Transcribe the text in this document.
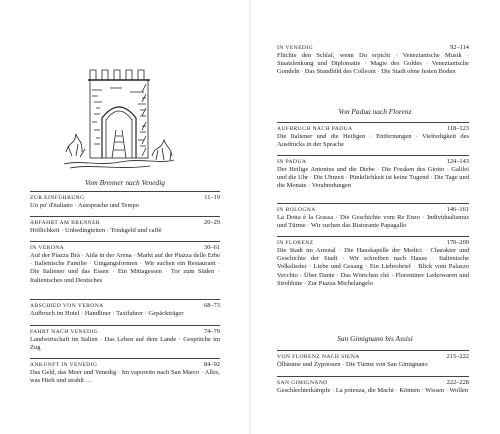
Vom Brenner nach Venedig
ZUR EINFÜHRUNG	11–19
Un po' d'italiano · Aussprache und Tempo
ABFAHRT AM BRENNER	20–29
Höflichkeit · Unbedingteiten · Trinkgeld und caffè
IN VERONA	30–61
Auf der Piazza Brà · Aida in der Arena · Markt auf der Piazza delle Erbe · Italienische Familie · Umgangsformen · Wir suchen ein Restaurant · Die Italiener und das Essen · Ein Mittagessen · Tor zum Süden · Italienisches und Deutsches
ABSCHIED VON VERONA	68–73
Aufbruch im Hotel · Handliner · Taxifahrer · Gepäckträger
FAHRT NACH VENEDIG	74–79
Landwirtschaft im Italien · Das Leben auf dem Lande · Gespräche im Zug
ANKUNFT IN VENEDIG	84–92
Das Geld, das Meer und Venedig · Im vaporetto nach San Marco · Alles, was Hielt und strahlt …
IN VENEDIG	92–114
Flüchte den Schlaf, wenn Du erpicht · Venezianische Musik · Staatslenkung und Diplomatie · Magie des Goldes · Venezianische Gondeln · Das Standbild des Colleoni · Die Stadt ohne festen Boden
Von Padua nach Florenz
AUFBRUCH NACH PADUA	118–123
Die Italiener und die Heiligen · Entfernungen · Vielredigkeit des Ausdrucks in der Sprache
IN PADUA	124–143
Der Heilige Antonius und die Diebe · Die Fresken des Giotto · Galilei und die Uhr · Die Uhrzeit · Pünktlichkeit ist keine Tugend · Die Tage und die Monate · Verabredungen
IN BOLOGNA	146–161
La Dotta è la Grassa · Die Geschichte vom Re Enzo · Individualismus und Türme · Wir suchen das Ristorante Papagallo
IN FLORENZ	170–209
Die Stadt im Arnotal · Die Hauskapelle der Medici · Charakter und Geschichte der Stadt · Wir schreiben nach Hause · Italienische Volkslieder · Liebe und Gesang · Ein Liebesbrief · Blick vom Palazzo Vecchio · Über Dante · Das Wörtchen chè · Florentiner Lederwaren und Strohhüte · Zur Piazza Michelangelo
San Gimignano bis Assisi
VON FLORENZ NACH SIENA	215–222
Ölbäume und Zypressen · Die Türme von San Gimignano
SAN GIMIGNANO	222–228
Geschlechterkämpfe · La potenza, die Macht · Können · Wissen · Wollen
